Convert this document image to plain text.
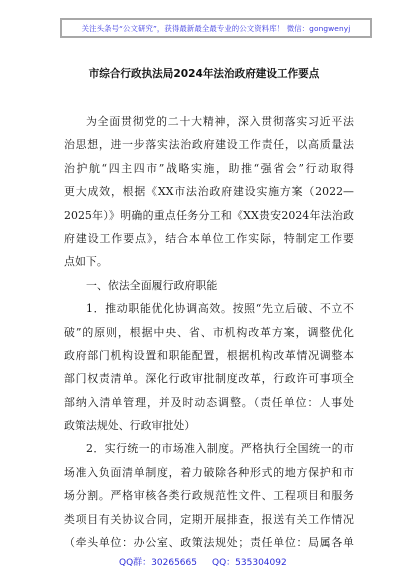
关注头条号“公文研究”，获得最新最全最专业的公文资料库！ 微信：gongwenyj
市综合行政执法局2024年法治政府建设工作要点
为全面贯彻党的二十大精神，深入贯彻落实习近平法
治思想，进一步落实法治政府建设工作责任，以高质量法
治护航“四主四市”战略实施，助推“强省会”行动取得
更大成效，根据《XX市法治政府建设实施方案（2022—
2025年）》明确的重点任务分工和《XX贵安2024年法治政
府建设工作要点》，结合本单位工作实际，特制定工作要
点如下。
一、依法全面履行政府职能
1．推动职能优化协调高效。按照“先立后破、不立不
破”的原则，根据中央、省、市机构改革方案，调整优化
政府部门机构设置和职能配置，根据机构改革情况调整本
部门权责清单。深化行政审批制度改革，行政许可事项全
部纳入清单管理，并及时动态调整。（责任单位：人事处
政策法规处、行政审批处）
2．实行统一的市场准入制度。严格执行全国统一的市
场准入负面清单制度，着力破除各种形式的地方保护和市
场分割。严格审核各类行政规范性文件、工程项目和服务
类项目有关协议合同，定期开展排查，报送有关工作情况
（牵头单位：办公室、政策法规处；责任单位：局属各单
QQ群：30265665 QQ：535304092
